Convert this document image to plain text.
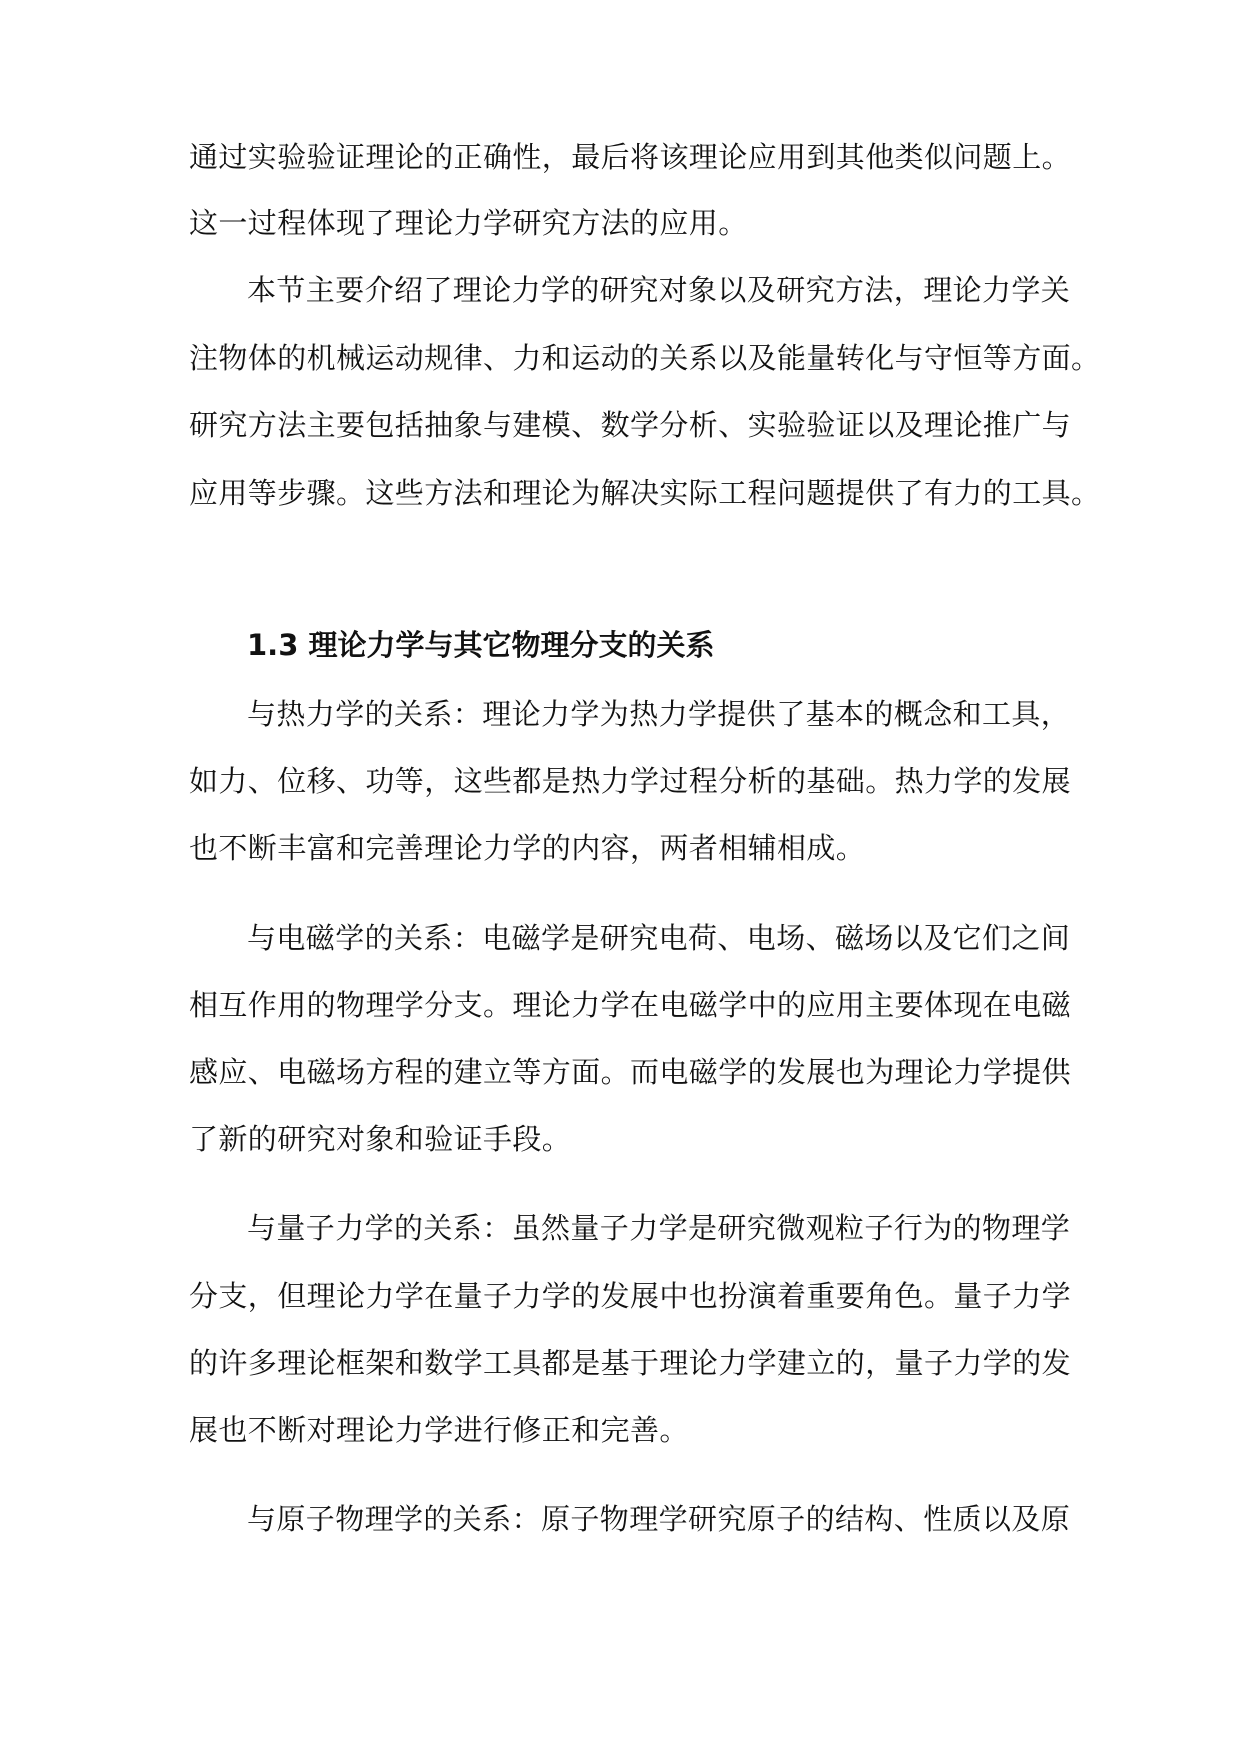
通过实验验证理论的正确性，最后将该理论应用到其他类似问题上。
这一过程体现了理论力学研究方法的应用。
本节主要介绍了理论力学的研究对象以及研究方法，理论力学关
注物体的机械运动规律、力和运动的关系以及能量转化与守恒等方面。
研究方法主要包括抽象与建模、数学分析、实验验证以及理论推广与
应用等步骤。这些方法和理论为解决实际工程问题提供了有力的工具。
1.3 理论力学与其它物理分支的关系
与热力学的关系：理论力学为热力学提供了基本的概念和工具，
如力、位移、功等，这些都是热力学过程分析的基础。热力学的发展
也不断丰富和完善理论力学的内容，两者相辅相成。
与电磁学的关系：电磁学是研究电荷、电场、磁场以及它们之间
相互作用的物理学分支。理论力学在电磁学中的应用主要体现在电磁
感应、电磁场方程的建立等方面。而电磁学的发展也为理论力学提供
了新的研究对象和验证手段。
与量子力学的关系：虽然量子力学是研究微观粒子行为的物理学
分支，但理论力学在量子力学的发展中也扮演着重要角色。量子力学
的许多理论框架和数学工具都是基于理论力学建立的，量子力学的发
展也不断对理论力学进行修正和完善。
与原子物理学的关系：原子物理学研究原子的结构、性质以及原
